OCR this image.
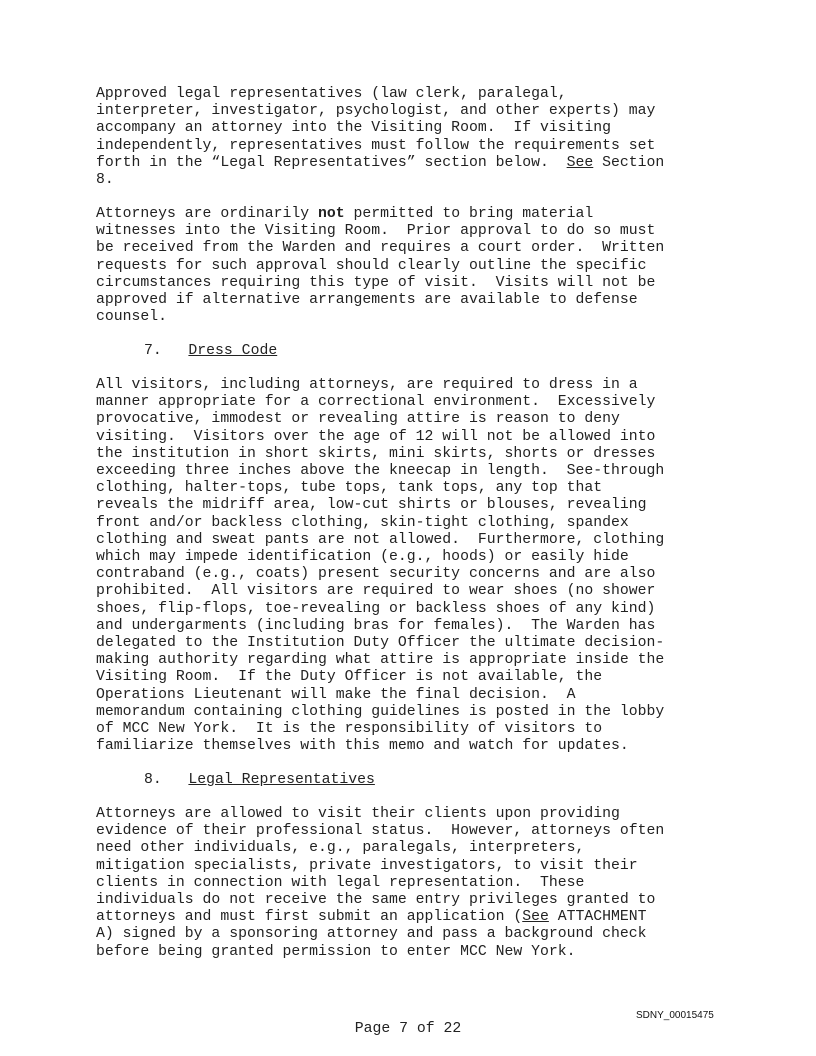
Approved legal representatives (law clerk, paralegal,
interpreter, investigator, psychologist, and other experts) may
accompany an attorney into the Visiting Room.  If visiting
independently, representatives must follow the requirements set
forth in the “Legal Representatives” section below.  See Section
8.

Attorneys are ordinarily not permitted to bring material
witnesses into the Visiting Room.  Prior approval to do so must
be received from the Warden and requires a court order.  Written
requests for such approval should clearly outline the specific
circumstances requiring this type of visit.  Visits will not be
approved if alternative arrangements are available to defense
counsel.

7. Dress Code

All visitors, including attorneys, are required to dress in a
manner appropriate for a correctional environment.  Excessively
provocative, immodest or revealing attire is reason to deny
visiting.  Visitors over the age of 12 will not be allowed into
the institution in short skirts, mini skirts, shorts or dresses
exceeding three inches above the kneecap in length.  See-through
clothing, halter-tops, tube tops, tank tops, any top that
reveals the midriff area, low-cut shirts or blouses, revealing
front and/or backless clothing, skin-tight clothing, spandex
clothing and sweat pants are not allowed.  Furthermore, clothing
which may impede identification (e.g., hoods) or easily hide
contraband (e.g., coats) present security concerns and are also
prohibited.  All visitors are required to wear shoes (no shower
shoes, flip-flops, toe-revealing or backless shoes of any kind)
and undergarments (including bras for females).  The Warden has
delegated to the Institution Duty Officer the ultimate decision-
making authority regarding what attire is appropriate inside the
Visiting Room.  If the Duty Officer is not available, the
Operations Lieutenant will make the final decision.  A
memorandum containing clothing guidelines is posted in the lobby
of MCC New York.  It is the responsibility of visitors to
familiarize themselves with this memo and watch for updates.

8. Legal Representatives

Attorneys are allowed to visit their clients upon providing
evidence of their professional status.  However, attorneys often
need other individuals, e.g., paralegals, interpreters,
mitigation specialists, private investigators, to visit their
clients in connection with legal representation.  These
individuals do not receive the same entry privileges granted to
attorneys and must first submit an application (See ATTACHMENT
A) signed by a sponsoring attorney and pass a background check
before being granted permission to enter MCC New York.

SDNY_00015475
Page 7 of 22
